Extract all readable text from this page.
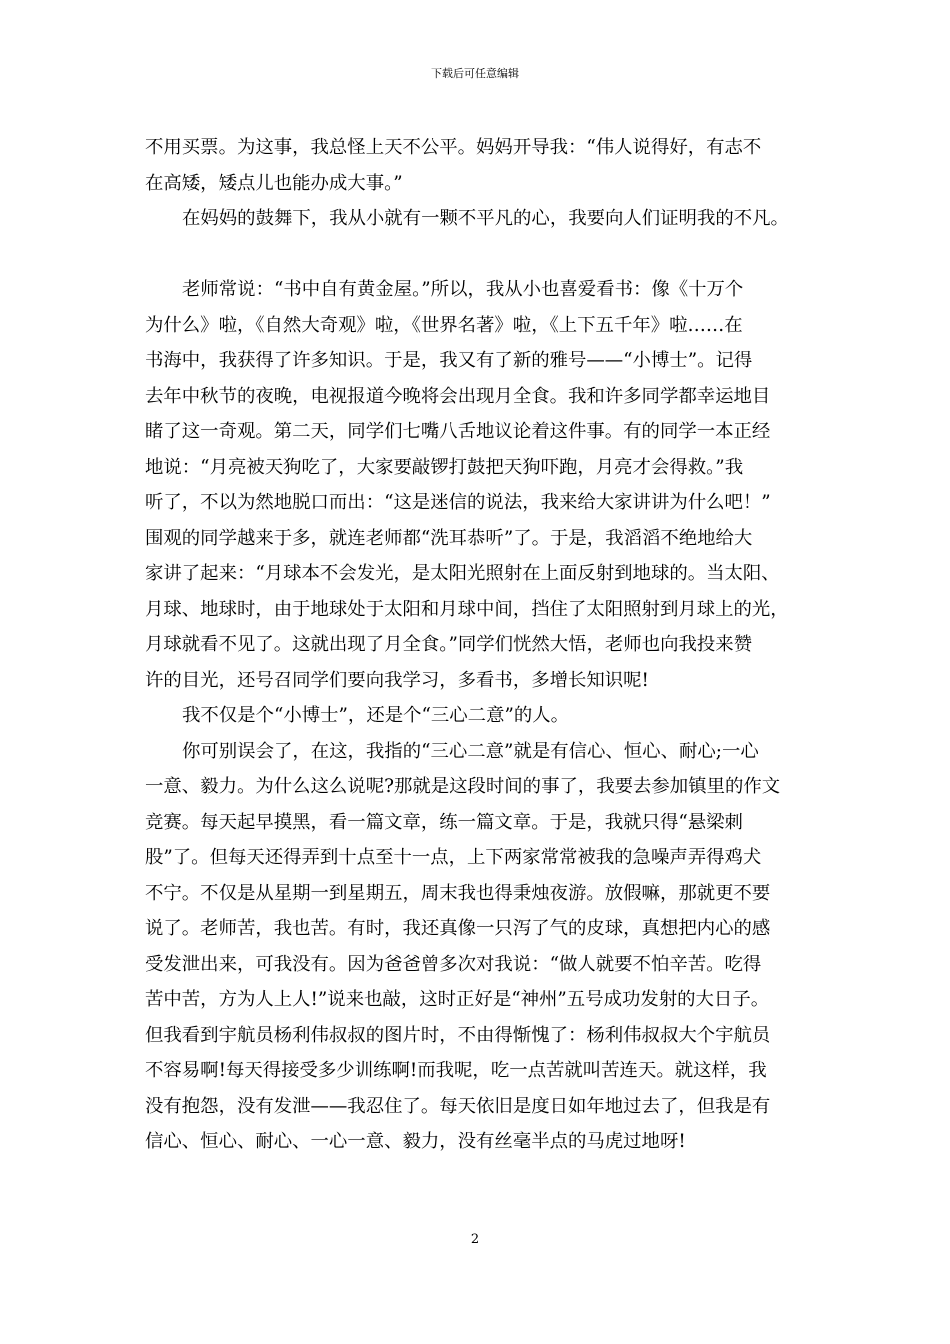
下载后可任意编辑
不用买票。为这事，我总怪上天不公平。妈妈开导我：“伟人说得好，有志不
在高矮，矮点儿也能办成大事。”
在妈妈的鼓舞下，我从小就有一颗不平凡的心，我要向人们证明我的不凡。
老师常说：“书中自有黄金屋。”所以，我从小也喜爱看书：像《十万个
为什么》啦，《自然大奇观》啦，《世界名著》啦，《上下五千年》啦……在
书海中，我获得了许多知识。于是，我又有了新的雅号——“小博士”。记得
去年中秋节的夜晚，电视报道今晚将会出现月全食。我和许多同学都幸运地目
睹了这一奇观。第二天，同学们七嘴八舌地议论着这件事。有的同学一本正经
地说：“月亮被天狗吃了，大家要敲锣打鼓把天狗吓跑，月亮才会得救。”我
听了，不以为然地脱口而出：“这是迷信的说法，我来给大家讲讲为什么吧！”
围观的同学越来于多，就连老师都“洗耳恭听”了。于是，我滔滔不绝地给大
家讲了起来：“月球本不会发光，是太阳光照射在上面反射到地球的。当太阳、
月球、地球时，由于地球处于太阳和月球中间，挡住了太阳照射到月球上的光，
月球就看不见了。这就出现了月全食。”同学们恍然大悟，老师也向我投来赞
许的目光，还号召同学们要向我学习，多看书，多增长知识呢!
我不仅是个“小博士”，还是个“三心二意”的人。
你可别误会了，在这，我指的“三心二意”就是有信心、恒心、耐心;一心
一意、毅力。为什么这么说呢?那就是这段时间的事了，我要去参加镇里的作文
竞赛。每天起早摸黑，看一篇文章，练一篇文章。于是，我就只得“悬梁刺
股”了。但每天还得弄到十点至十一点，上下两家常常被我的急噪声弄得鸡犬
不宁。不仅是从星期一到星期五，周末我也得秉烛夜游。放假嘛，那就更不要
说了。老师苦，我也苦。有时，我还真像一只泻了气的皮球，真想把内心的感
受发泄出来，可我没有。因为爸爸曾多次对我说：“做人就要不怕辛苦。吃得
苦中苦，方为人上人!”说来也敲，这时正好是“神州”五号成功发射的大日子。
但我看到宇航员杨利伟叔叔的图片时，不由得惭愧了：杨利伟叔叔大个宇航员
不容易啊!每天得接受多少训练啊!而我呢，吃一点苦就叫苦连天。就这样，我
没有抱怨，没有发泄——我忍住了。每天依旧是度日如年地过去了，但我是有
信心、恒心、耐心、一心一意、毅力，没有丝毫半点的马虎过地呀!
2
